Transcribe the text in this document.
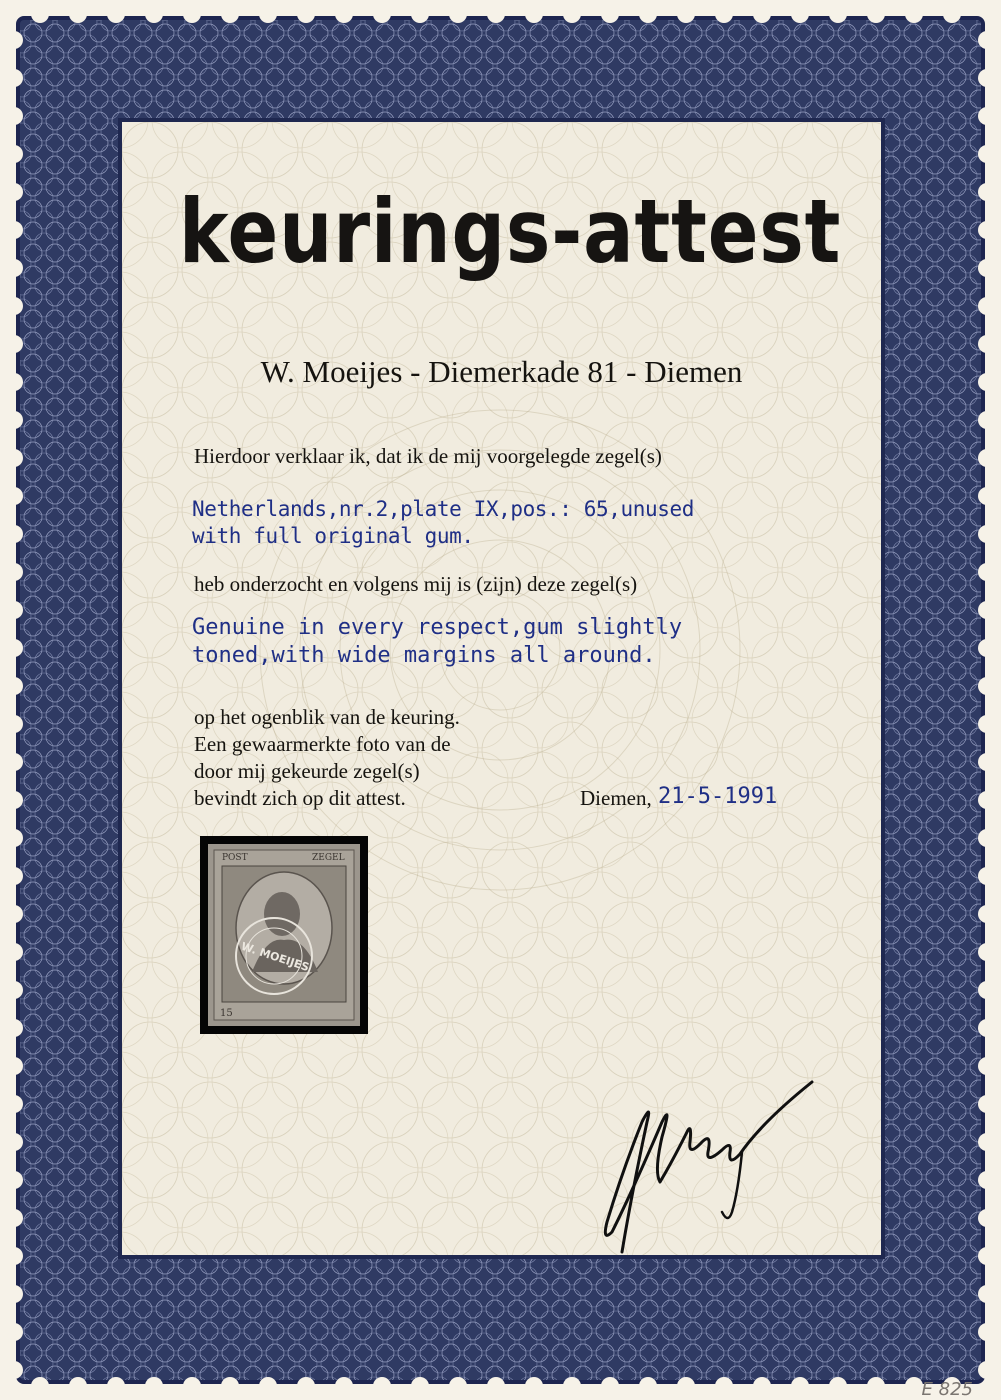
keurings-attest
W. Moeijes - Diemerkade 81 - Diemen
Hierdoor verklaar ik, dat ik de mij voorgelegde zegel(s)
Netherlands,nr.2,plate IX,pos.: 65,unused
with full original gum.
heb onderzocht en volgens mij is (zijn) deze zegel(s)
Genuine in every respect,gum slightly
toned,with wide margins all around.
op het ogenblik van de keuring.
Een gewaarmerkte foto van de
door mij gekeurde zegel(s)
bevindt zich op dit attest.	Diemen, 21-5-1991
POST	ZEGEL
W. MOEIJES
15
E 825
